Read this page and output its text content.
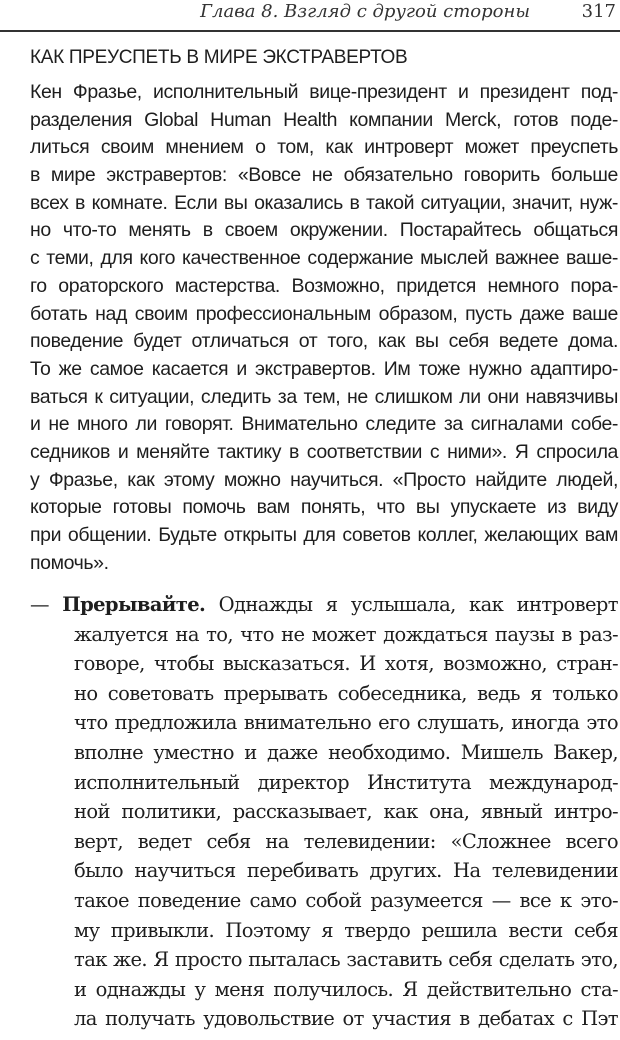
Глава 8. Взгляд с другой стороны	317
КАК ПРЕУСПЕТЬ В МИРЕ ЭКСТРАВЕРТОВ
Кен Фразье, исполнительный вице-президент и президент под-
разделения Global Human Health компании Merck, готов поде-
литься своим мнением о том, как интроверт может преуспеть
в мире экстравертов: «Вовсе не обязательно говорить больше
всех в комнате. Если вы оказались в такой ситуации, значит, нуж-
но что-то менять в своем окружении. Постарайтесь общаться
с теми, для кого качественное содержание мыслей важнее ваше-
го ораторского мастерства. Возможно, придется немного пора-
ботать над своим профессиональным образом, пусть даже ваше
поведение будет отличаться от того, как вы себя ведете дома.
То же самое касается и экстравертов. Им тоже нужно адаптиро-
ваться к ситуации, следить за тем, не слишком ли они навязчивы
и не много ли говорят. Внимательно следите за сигналами собе-
седников и меняйте тактику в соответствии с ними». Я спросила
у Фразье, как этому можно научиться. «Просто найдите людей,
которые готовы помочь вам понять, что вы упускаете из виду
при общении. Будьте открыты для советов коллег, желающих вам
помочь».
— Прерывайте. Однажды я услышала, как интроверт
жалуется на то, что не может дождаться паузы в раз-
говоре, чтобы высказаться. И хотя, возможно, стран-
но советовать прерывать собеседника, ведь я только
что предложила внимательно его слушать, иногда это
вполне уместно и даже необходимо. Мишель Вакер,
исполнительный директор Института международ-
ной политики, рассказывает, как она, явный интро-
верт, ведет себя на телевидении: «Сложнее всего
было научиться перебивать других. На телевидении
такое поведение само собой разумеется — все к это-
му привыкли. Поэтому я твердо решила вести себя
так же. Я просто пыталась заставить себя сделать это,
и однажды у меня получилось. Я действительно ста-
ла получать удовольствие от участия в дебатах с Пэт
